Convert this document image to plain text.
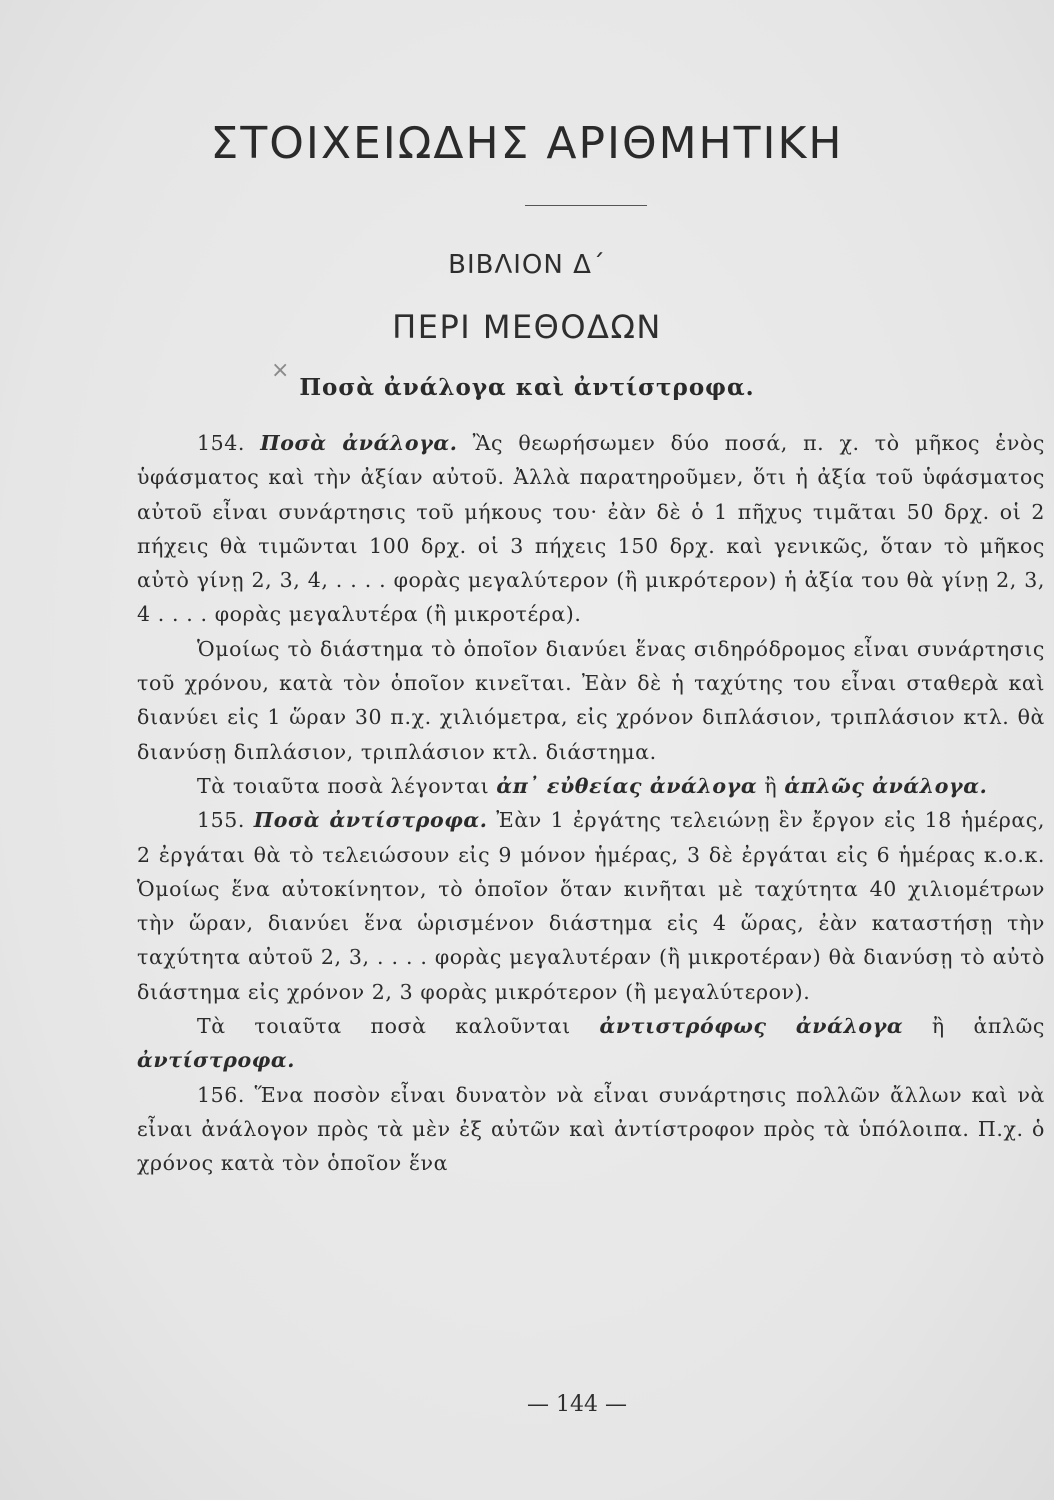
ΣΤΟΙΧΕΙΩΔΗΣ ΑΡΙΘΜΗΤΙΚΗ
ΒΙΒΛΙΟΝ Δ΄
ΠΕΡΙ ΜΕΘΟΔΩΝ
×
Ποσὰ ἀνάλογα καὶ ἀντίστροφα.

154. Ποσὰ ἀνάλογα. Ἂς θεωρήσωμεν δύο ποσά, π. χ. τὸ μῆκος ἑνὸς ὑφάσματος καὶ τὴν ἀξίαν αὐτοῦ. Ἀλλὰ παρατηροῦμεν, ὅτι ἡ ἀξία τοῦ ὑφάσματος αὐτοῦ εἶναι συνάρτησις τοῦ μήκους του· ἐὰν δὲ ὁ 1 πῆχυς τιμᾶται 50 δρχ. οἱ 2 πήχεις θὰ τιμῶνται 100 δρχ. οἱ 3 πήχεις 150 δρχ. καὶ γενικῶς, ὅταν τὸ μῆκος αὐτὸ γίνῃ 2, 3, 4, . . . . φορὰς μεγαλύτερον (ἢ μικρότερον) ἡ ἀξία του θὰ γίνῃ 2, 3, 4 . . . . φορὰς μεγαλυτέρα (ἢ μικροτέρα).

Ὁμοίως τὸ διάστημα τὸ ὁποῖον διανύει ἕνας σιδηρόδρομος εἶναι συνάρτησις τοῦ χρόνου, κατὰ τὸν ὁποῖον κινεῖται. Ἐὰν δὲ ἡ ταχύτης του εἶναι σταθερὰ καὶ διανύει εἰς 1 ὥραν 30 π.χ. χιλιόμετρα, εἰς χρόνον διπλάσιον, τριπλάσιον κτλ. θὰ διανύσῃ διπλάσιον, τριπλάσιον κτλ. διάστημα.

Τὰ τοιαῦτα ποσὰ λέγονται ἀπ᾽ εὐθείας ἀνάλογα ἢ ἁπλῶς ἀνάλογα.

155. Ποσὰ ἀντίστροφα. Ἐὰν 1 ἐργάτης τελειώνῃ ἓν ἔργον εἰς 18 ἡμέρας, 2 ἐργάται θὰ τὸ τελειώσουν εἰς 9 μόνον ἡμέρας, 3 δὲ ἐργάται εἰς 6 ἡμέρας κ.ο.κ. Ὁμοίως ἕνα αὐτοκίνητον, τὸ ὁποῖον ὅταν κινῆται μὲ ταχύτητα 40 χιλιομέτρων τὴν ὥραν, διανύει ἕνα ὡρισμένον διάστημα εἰς 4 ὥρας, ἐὰν καταστήσῃ τὴν ταχύτητα αὐτοῦ 2, 3, . . . . φορὰς μεγαλυτέραν (ἢ μικροτέραν) θὰ διανύσῃ τὸ αὐτὸ διάστημα εἰς χρόνον 2, 3 φορὰς μικρότερον (ἢ μεγαλύτερον).

Τὰ τοιαῦτα ποσὰ καλοῦνται ἀντιστρόφως ἀνάλογα ἢ ἁπλῶς ἀντίστροφα.

156. Ἕνα ποσὸν εἶναι δυνατὸν νὰ εἶναι συνάρτησις πολλῶν ἄλλων καὶ νὰ εἶναι ἀνάλογον πρὸς τὰ μὲν ἐξ αὐτῶν καὶ ἀντίστροφον πρὸς τὰ ὑπόλοιπα. Π.χ. ὁ χρόνος κατὰ τὸν ὁποῖον ἕνα

— 144 —
